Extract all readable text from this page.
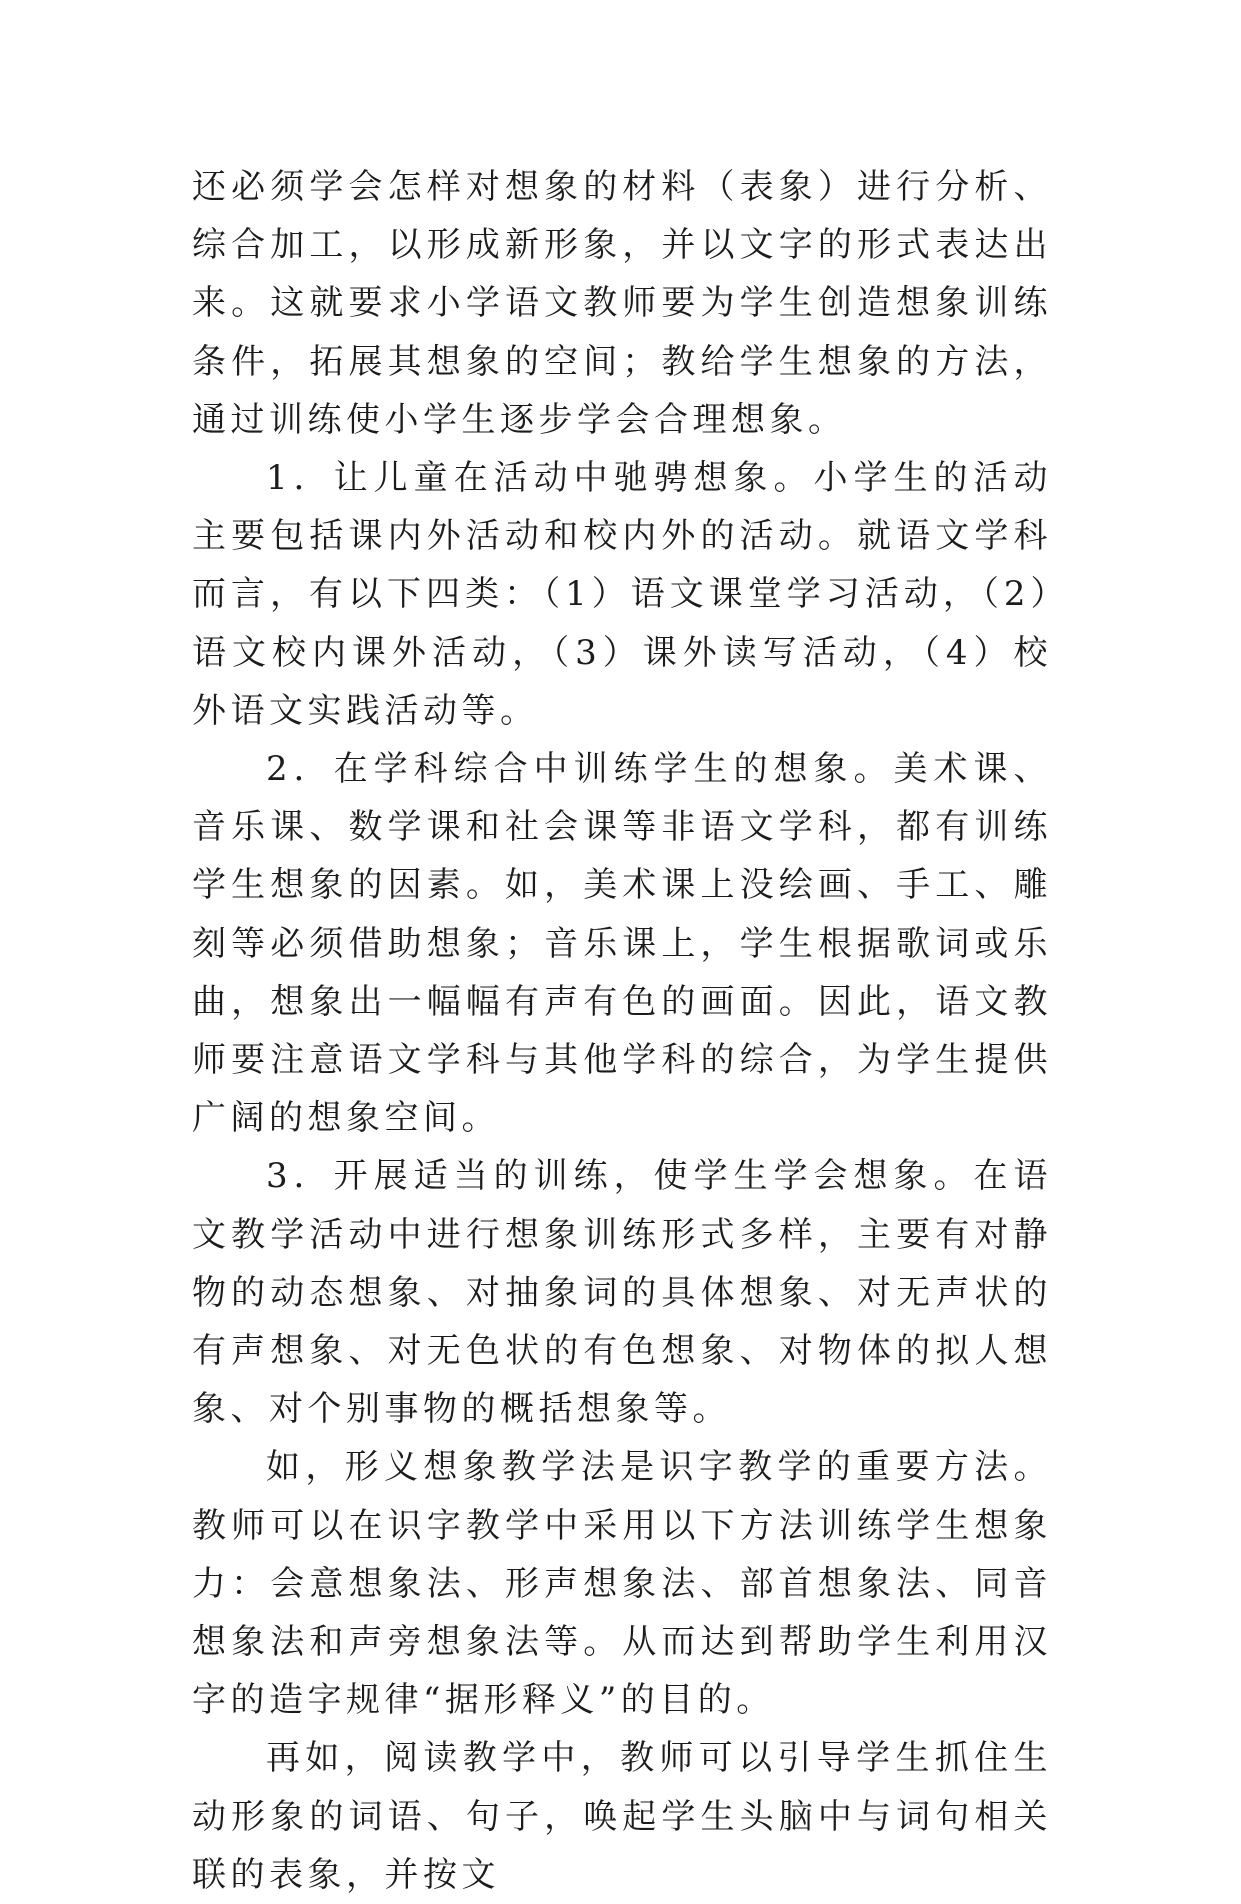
还必须学会怎样对想象的材料（表象）进行分析、综合加工，以形成新形象，并以文字的形式表达出来。这就要求小学语文教师要为学生创造想象训练条件，拓展其想象的空间；教给学生想象的方法，通过训练使小学生逐步学会合理想象。

1．让儿童在活动中驰骋想象。小学生的活动主要包括课内外活动和校内外的活动。就语文学科而言，有以下四类：（1）语文课堂学习活动，（2）语文校内课外活动，（3）课外读写活动，（4）校外语文实践活动等。

2．在学科综合中训练学生的想象。美术课、音乐课、数学课和社会课等非语文学科，都有训练学生想象的因素。如，美术课上没绘画、手工、雕刻等必须借助想象；音乐课上，学生根据歌词或乐曲，想象出一幅幅有声有色的画面。因此，语文教师要注意语文学科与其他学科的综合，为学生提供广阔的想象空间。

3．开展适当的训练，使学生学会想象。在语文教学活动中进行想象训练形式多样，主要有对静物的动态想象、对抽象词的具体想象、对无声状的有声想象、对无色状的有色想象、对物体的拟人想象、对个别事物的概括想象等。

如，形义想象教学法是识字教学的重要方法。教师可以在识字教学中采用以下方法训练学生想象力：会意想象法、形声想象法、部首想象法、同音想象法和声旁想象法等。从而达到帮助学生利用汉字的造字规律“据形释义”的目的。

再如，阅读教学中，教师可以引导学生抓住生动形象的词语、句子，唤起学生头脑中与词句相关联的表象，并按文
